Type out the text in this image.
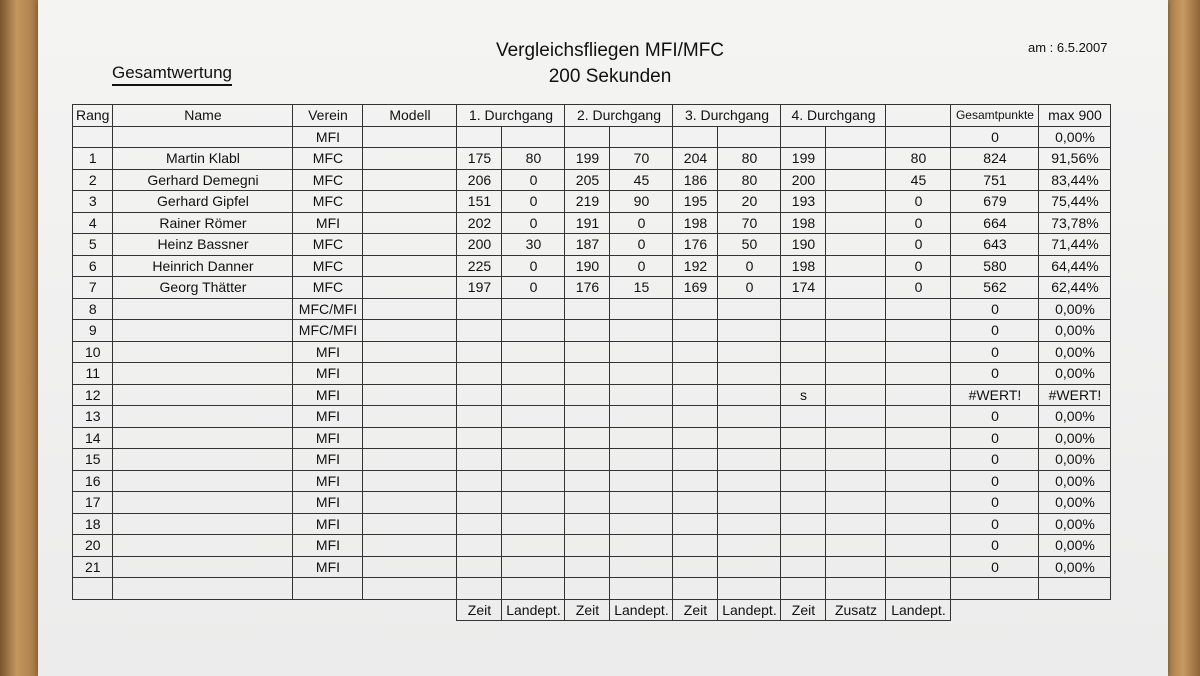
Vergleichsfliegen MFI/MFC
200 Sekunden
am : 6.5.2007
Gesamtwertung
Rang	Name	Verein	Modell	1. Durchgang		2. Durchgang		3. Durchgang		4. Durchgang			Gesamtpunkte	max 900
		MFI											0	0,00%
1	Martin Klabl	MFC		175	80	199	70	204	80	199		80	824	91,56%
2	Gerhard Demegni	MFC		206	0	205	45	186	80	200		45	751	83,44%
3	Gerhard Gipfel	MFC		151	0	219	90	195	20	193		0	679	75,44%
4	Rainer Römer	MFI		202	0	191	0	198	70	198		0	664	73,78%
5	Heinz Bassner	MFC		200	30	187	0	176	50	190		0	643	71,44%
6	Heinrich Danner	MFC		225	0	190	0	192	0	198		0	580	64,44%
7	Georg Thätter	MFC		197	0	176	15	169	0	174		0	562	62,44%
8		MFC/MFI											0	0,00%
9		MFC/MFI											0	0,00%
10		MFI											0	0,00%
11		MFI											0	0,00%
12		MFI								s			#WERT!	#WERT!
13		MFI											0	0,00%
14		MFI											0	0,00%
15		MFI											0	0,00%
16		MFI											0	0,00%
17		MFI											0	0,00%
18		MFI											0	0,00%
20		MFI											0	0,00%
21		MFI											0	0,00%

				Zeit	Landept.	Zeit	Landept.	Zeit	Landept.	Zeit	Zusatz	Landept.		
